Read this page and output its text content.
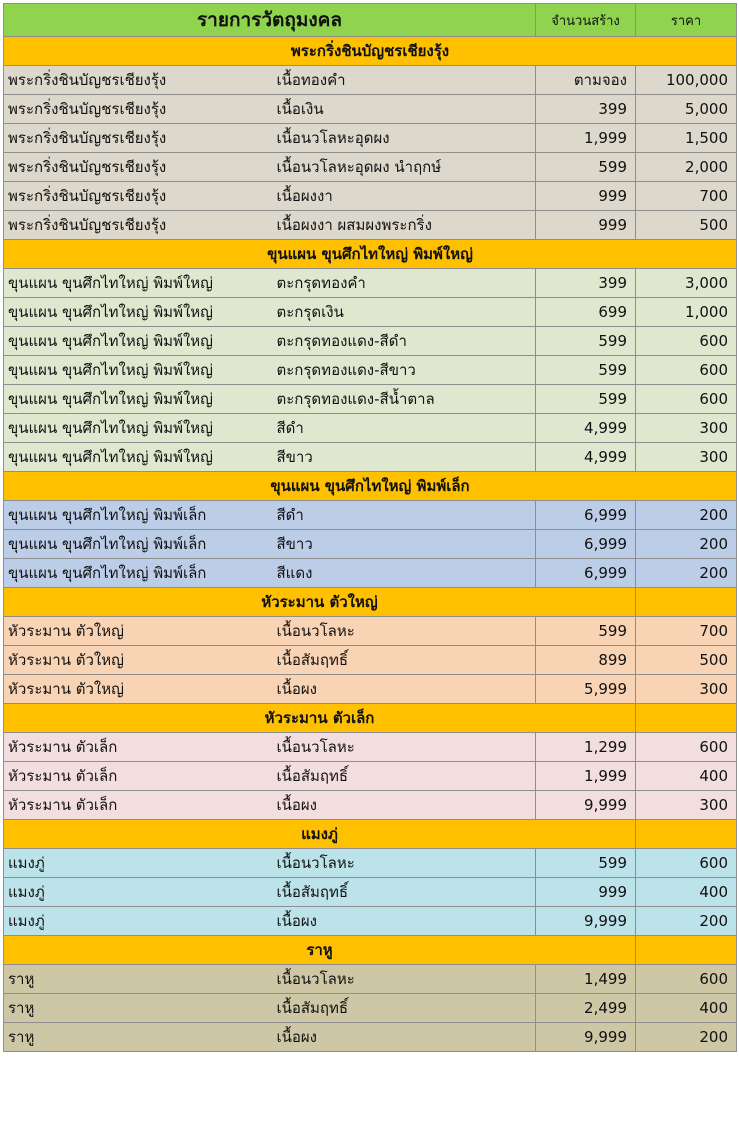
รายการวัตถุมงคล		จำนวนสร้าง	ราคา
พระกริ่งชินบัญชรเชียงรุ้ง			
พระกริ่งชินบัญชรเชียงรุ้ง	เนื้อทองคำ	ตามจอง	100,000
พระกริ่งชินบัญชรเชียงรุ้ง	เนื้อเงิน	399	5,000
พระกริ่งชินบัญชรเชียงรุ้ง	เนื้อนวโลหะอุดผง	1,999	1,500
พระกริ่งชินบัญชรเชียงรุ้ง	เนื้อนวโลหะอุดผง นำฤกษ์	599	2,000
พระกริ่งชินบัญชรเชียงรุ้ง	เนื้อผงงา	999	700
พระกริ่งชินบัญชรเชียงรุ้ง	เนื้อผงงา ผสมผงพระกริ่ง	999	500
ขุนแผน ขุนศึกไทใหญ่ พิมพ์ใหญ่			
ขุนแผน ขุนศึกไทใหญ่ พิมพ์ใหญ่	ตะกรุดทองคำ	399	3,000
ขุนแผน ขุนศึกไทใหญ่ พิมพ์ใหญ่	ตะกรุดเงิน	699	1,000
ขุนแผน ขุนศึกไทใหญ่ พิมพ์ใหญ่	ตะกรุดทองแดง-สีดำ	599	600
ขุนแผน ขุนศึกไทใหญ่ พิมพ์ใหญ่	ตะกรุดทองแดง-สีขาว	599	600
ขุนแผน ขุนศึกไทใหญ่ พิมพ์ใหญ่	ตะกรุดทองแดง-สีน้ำตาล	599	600
ขุนแผน ขุนศึกไทใหญ่ พิมพ์ใหญ่	สีดำ	4,999	300
ขุนแผน ขุนศึกไทใหญ่ พิมพ์ใหญ่	สีขาว	4,999	300
ขุนแผน ขุนศึกไทใหญ่ พิมพ์เล็ก			
ขุนแผน ขุนศึกไทใหญ่ พิมพ์เล็ก	สีดำ	6,999	200
ขุนแผน ขุนศึกไทใหญ่ พิมพ์เล็ก	สีขาว	6,999	200
ขุนแผน ขุนศึกไทใหญ่ พิมพ์เล็ก	สีแดง	6,999	200
หัวระมาน ตัวใหญ่			
หัวระมาน ตัวใหญ่	เนื้อนวโลหะ	599	700
หัวระมาน ตัวใหญ่	เนื้อสัมฤทธิ์	899	500
หัวระมาน ตัวใหญ่	เนื้อผง	5,999	300
หัวระมาน ตัวเล็ก			
หัวระมาน ตัวเล็ก	เนื้อนวโลหะ	1,299	600
หัวระมาน ตัวเล็ก	เนื้อสัมฤทธิ์	1,999	400
หัวระมาน ตัวเล็ก	เนื้อผง	9,999	300
แมงภู่			
แมงภู่	เนื้อนวโลหะ	599	600
แมงภู่	เนื้อสัมฤทธิ์	999	400
แมงภู่	เนื้อผง	9,999	200
ราหู			
ราหู	เนื้อนวโลหะ	1,499	600
ราหู	เนื้อสัมฤทธิ์	2,499	400
ราหู	เนื้อผง	9,999	200
